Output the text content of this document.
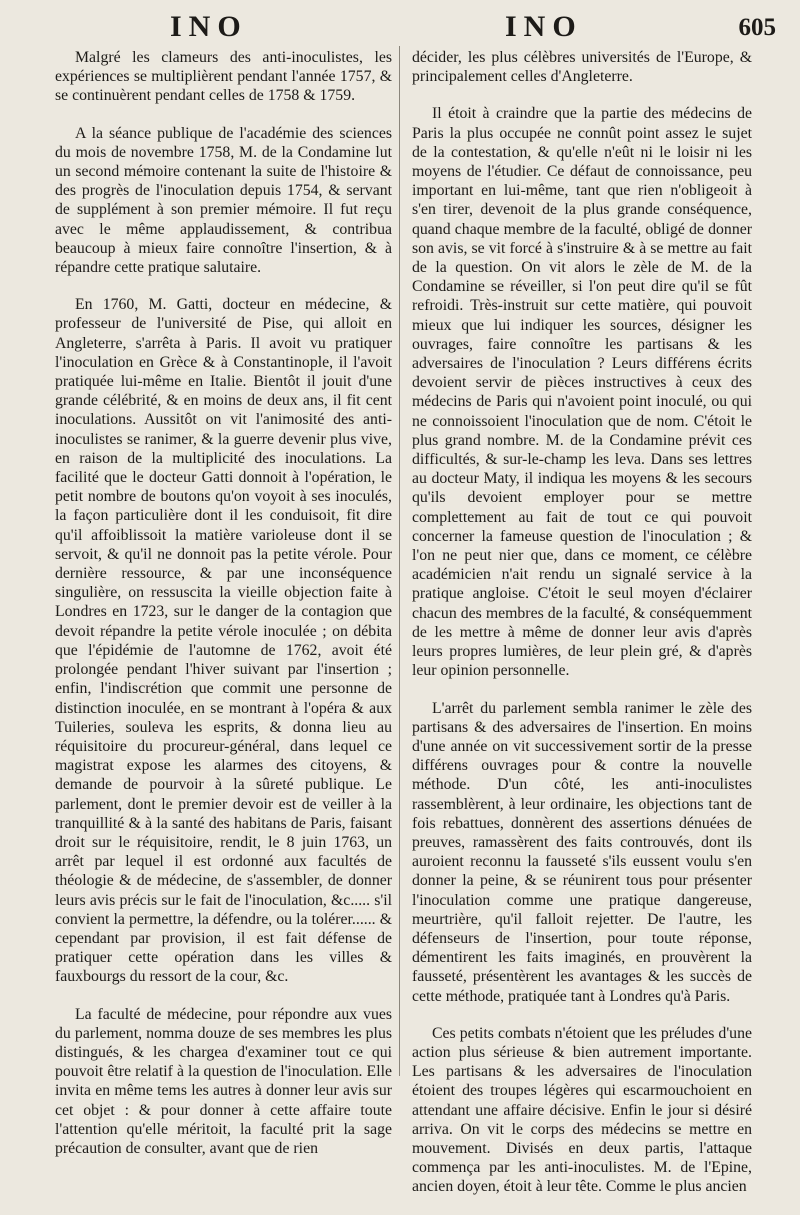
INO	INO	605

Malgré les clameurs des anti-inoculistes, les expériences se multiplièrent pendant l'année 1757, & se continuèrent pendant celles de 1758 & 1759.

A la séance publique de l'académie des sciences du mois de novembre 1758, M. de la Condamine lut un second mémoire contenant la suite de l'histoire & des progrès de l'inoculation depuis 1754, & servant de supplément à son premier mémoire. Il fut reçu avec le même applaudissement, & contribua beaucoup à mieux faire connoître l'insertion, & à répandre cette pratique salutaire.

En 1760, M. Gatti, docteur en médecine, & professeur de l'université de Pise, qui alloit en Angleterre, s'arrêta à Paris. Il avoit vu pratiquer l'inoculation en Grèce & à Constantinople, il l'avoit pratiquée lui-même en Italie. Bientôt il jouit d'une grande célébrité, & en moins de deux ans, il fit cent inoculations. Aussitôt on vit l'animosité des anti-inoculistes se ranimer, & la guerre devenir plus vive, en raison de la multiplicité des inoculations. La facilité que le docteur Gatti donnoit à l'opération, le petit nombre de boutons qu'on voyoit à ses inoculés, la façon particulière dont il les conduisoit, fit dire qu'il affoiblissoit la matière varioleuse dont il se servoit, & qu'il ne donnoit pas la petite vérole. Pour dernière ressource, & par une inconséquence singulière, on ressuscita la vieille objection faite à Londres en 1723, sur le danger de la contagion que devoit répandre la petite vérole inoculée ; on débita que l'épidémie de l'automne de 1762, avoit été prolongée pendant l'hiver suivant par l'insertion ; enfin, l'indiscrétion que commit une personne de distinction inoculée, en se montrant à l'opéra & aux Tuileries, souleva les esprits, & donna lieu au réquisitoire du procureur-général, dans lequel ce magistrat expose les alarmes des citoyens, & demande de pourvoir à la sûreté publique. Le parlement, dont le premier devoir est de veiller à la tranquillité & à la santé des habitans de Paris, faisant droit sur le réquisitoire, rendit, le 8 juin 1763, un arrêt par lequel il est ordonné aux facultés de théologie & de médecine, de s'assembler, de donner leurs avis précis sur le fait de l'inoculation, &c..... s'il convient la permettre, la défendre, ou la tolérer...... & cependant par provision, il est fait défense de pratiquer cette opération dans les villes & fauxbourgs du ressort de la cour, &c.

La faculté de médecine, pour répondre aux vues du parlement, nomma douze de ses membres les plus distingués, & les chargea d'examiner tout ce qui pouvoit être relatif à la question de l'inoculation. Elle invita en même tems les autres à donner leur avis sur cet objet : & pour donner à cette affaire toute l'attention qu'elle méritoit, la faculté prit la sage précaution de consulter, avant que de rien

décider, les plus célèbres universités de l'Europe, & principalement celles d'Angleterre.

Il étoit à craindre que la partie des médecins de Paris la plus occupée ne connût point assez le sujet de la contestation, & qu'elle n'eût ni le loisir ni les moyens de l'étudier. Ce défaut de connoissance, peu important en lui-même, tant que rien n'obligeoit à s'en tirer, devenoit de la plus grande conséquence, quand chaque membre de la faculté, obligé de donner son avis, se vit forcé à s'instruire & à se mettre au fait de la question. On vit alors le zèle de M. de la Condamine se réveiller, si l'on peut dire qu'il se fût refroidi. Très-instruit sur cette matière, qui pouvoit mieux que lui indiquer les sources, désigner les ouvrages, faire connoître les partisans & les adversaires de l'inoculation ? Leurs différens écrits devoient servir de pièces instructives à ceux des médecins de Paris qui n'avoient point inoculé, ou qui ne connoissoient l'inoculation que de nom. C'étoit le plus grand nombre. M. de la Condamine prévit ces difficultés, & sur-le-champ les leva. Dans ses lettres au docteur Maty, il indiqua les moyens & les secours qu'ils devoient employer pour se mettre complettement au fait de tout ce qui pouvoit concerner la fameuse question de l'inoculation ; & l'on ne peut nier que, dans ce moment, ce célèbre académicien n'ait rendu un signalé service à la pratique angloise. C'étoit le seul moyen d'éclairer chacun des membres de la faculté, & conséquemment de les mettre à même de donner leur avis d'après leurs propres lumières, de leur plein gré, & d'après leur opinion personnelle.

L'arrêt du parlement sembla ranimer le zèle des partisans & des adversaires de l'insertion. En moins d'une année on vit successivement sortir de la presse différens ouvrages pour & contre la nouvelle méthode. D'un côté, les anti-inoculistes rassemblèrent, à leur ordinaire, les objections tant de fois rebattues, donnèrent des assertions dénuées de preuves, ramassèrent des faits controuvés, dont ils auroient reconnu la fausseté s'ils eussent voulu s'en donner la peine, & se réunirent tous pour présenter l'inoculation comme une pratique dangereuse, meurtrière, qu'il falloit rejetter. De l'autre, les défenseurs de l'insertion, pour toute réponse, démentirent les faits imaginés, en prouvèrent la fausseté, présentèrent les avantages & les succès de cette méthode, pratiquée tant à Londres qu'à Paris.

Ces petits combats n'étoient que les préludes d'une action plus sérieuse & bien autrement importante. Les partisans & les adversaires de l'inoculation étoient des troupes légères qui escarmouchoient en attendant une affaire décisive. Enfin le jour si désiré arriva. On vit le corps des médecins se mettre en mouvement. Divisés en deux partis, l'attaque commença par les anti-inoculistes. M. de l'Epine, ancien doyen, étoit à leur tête. Comme le plus ancien
